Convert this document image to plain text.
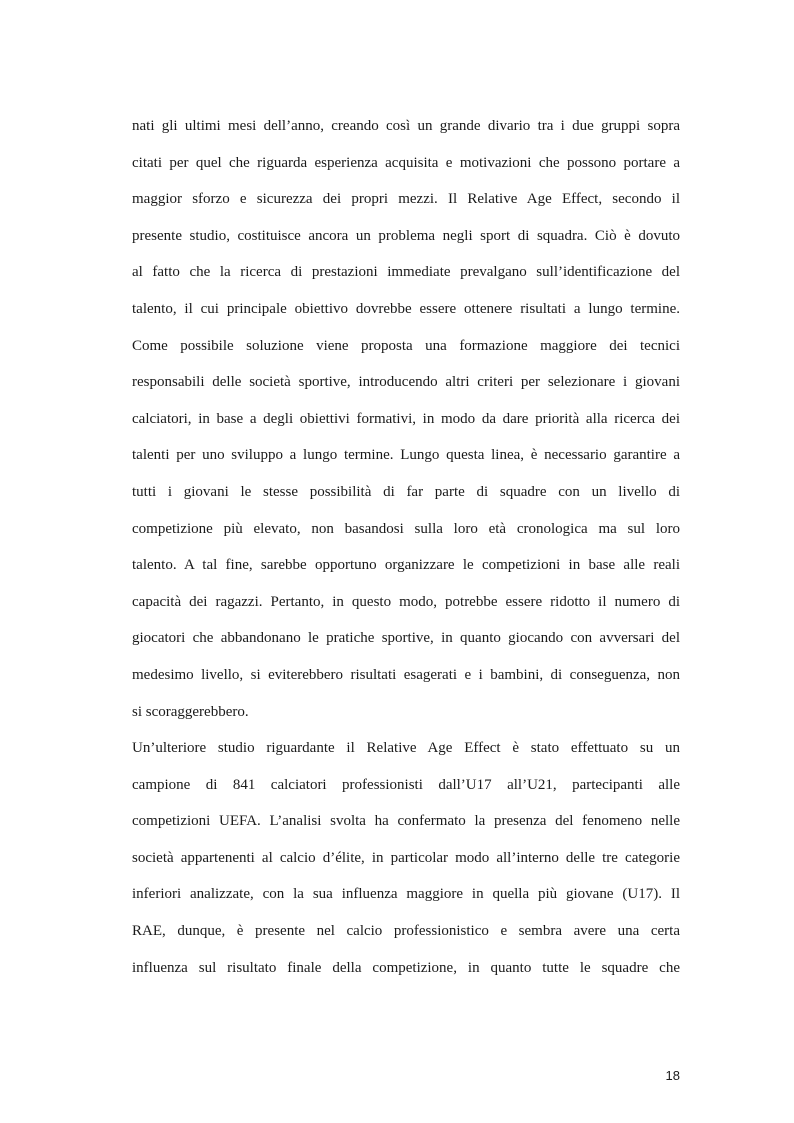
nati gli ultimi mesi dell’anno, creando così un grande divario tra i due gruppi sopra
citati per quel che riguarda esperienza acquisita e motivazioni che possono portare a
maggior sforzo e sicurezza dei propri mezzi. Il Relative Age Effect, secondo il
presente studio, costituisce ancora un problema negli sport di squadra. Ciò è dovuto
al fatto che la ricerca di prestazioni immediate prevalgano sull’identificazione del
talento, il cui principale obiettivo dovrebbe essere ottenere risultati a lungo termine.
Come possibile soluzione viene proposta una formazione maggiore dei tecnici
responsabili delle società sportive, introducendo altri criteri per selezionare i giovani
calciatori, in base a degli obiettivi formativi, in modo da dare priorità alla ricerca dei
talenti per uno sviluppo a lungo termine. Lungo questa linea, è necessario garantire a
tutti i giovani le stesse possibilità di far parte di squadre con un livello di
competizione più elevato, non basandosi sulla loro età cronologica ma sul loro
talento. A tal fine, sarebbe opportuno organizzare le competizioni in base alle reali
capacità dei ragazzi. Pertanto, in questo modo, potrebbe essere ridotto il numero di
giocatori che abbandonano le pratiche sportive, in quanto giocando con avversari del
medesimo livello, si eviterebbero risultati esagerati e i bambini, di conseguenza, non
si scoraggerebbero.
Un’ulteriore studio riguardante il Relative Age Effect è stato effettuato su un
campione di 841 calciatori professionisti dall’U17 all’U21, partecipanti alle
competizioni UEFA. L’analisi svolta ha confermato la presenza del fenomeno nelle
società appartenenti al calcio d’élite, in particolar modo all’interno delle tre categorie
inferiori analizzate, con la sua influenza maggiore in quella più giovane (U17). Il
RAE, dunque, è presente nel calcio professionistico e sembra avere una certa
influenza sul risultato finale della competizione, in quanto tutte le squadre che
18
